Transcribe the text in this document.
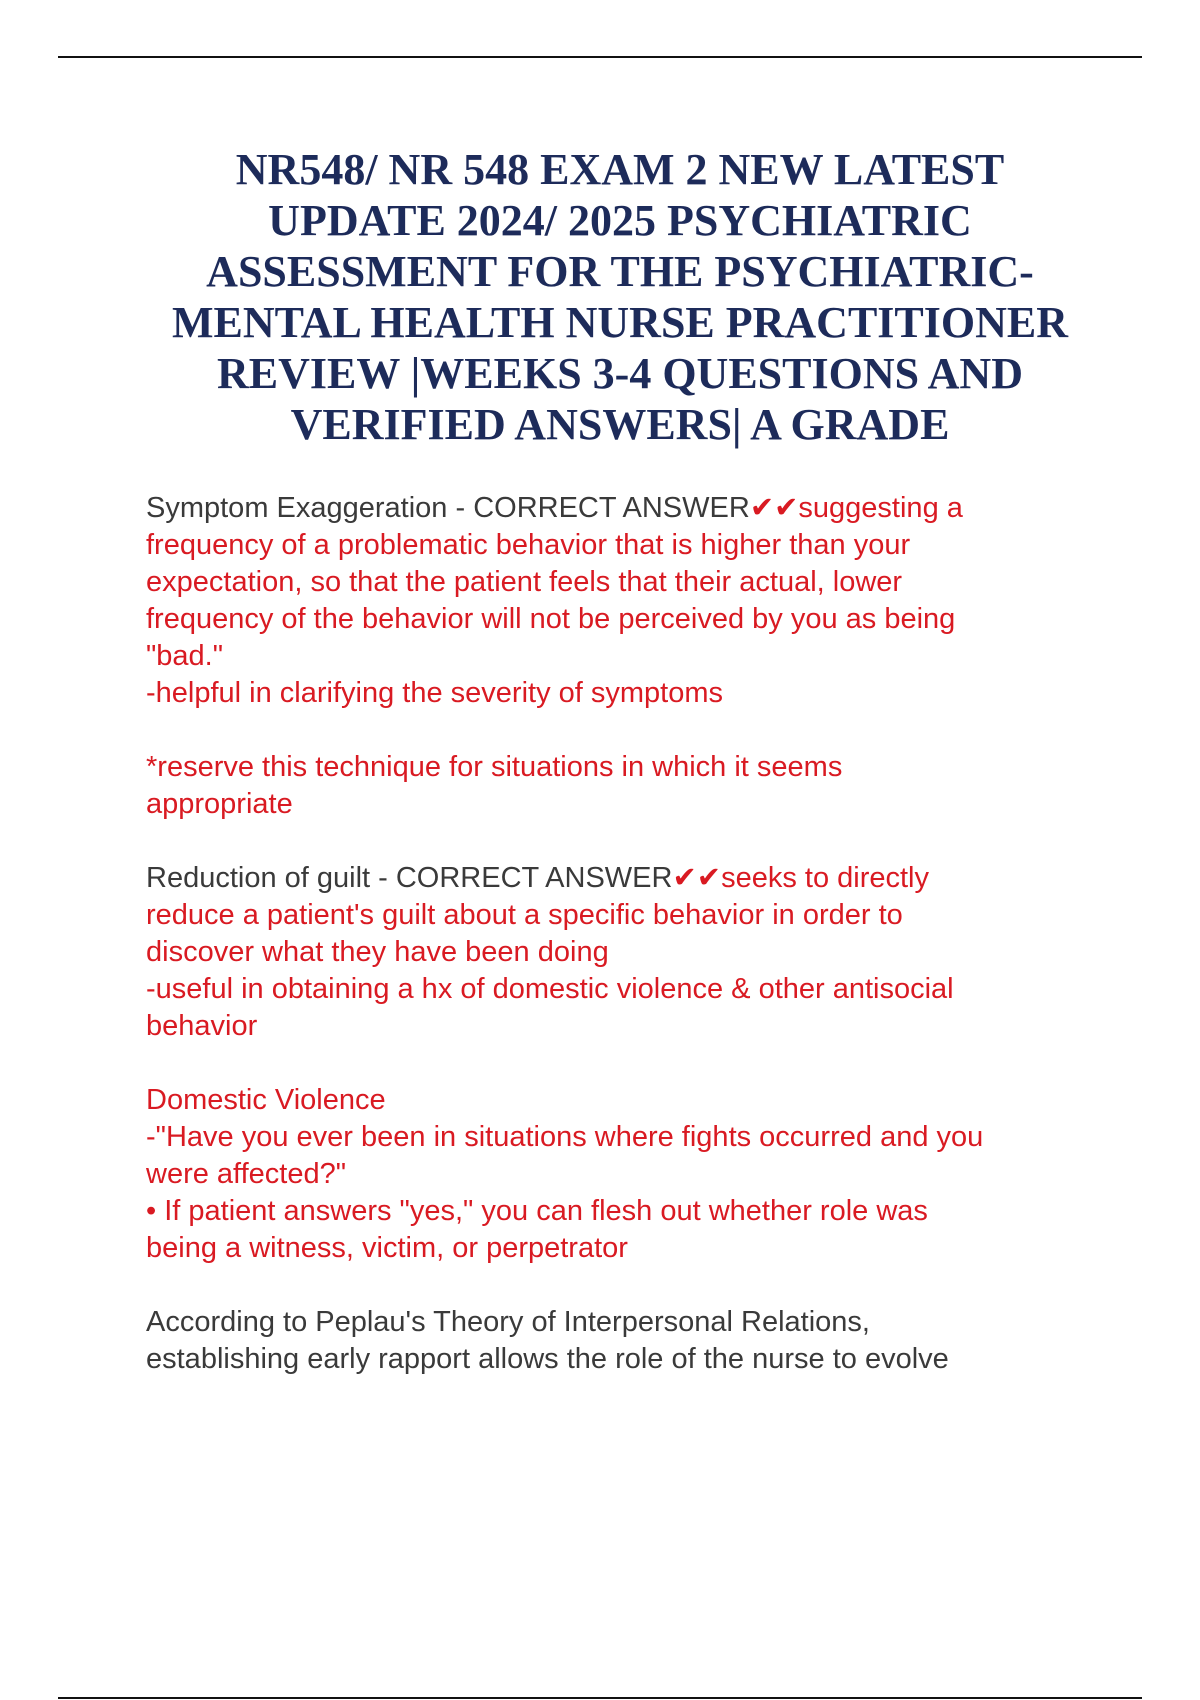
NR548/ NR 548 EXAM 2 NEW LATEST
UPDATE 2024/ 2025 PSYCHIATRIC
ASSESSMENT FOR THE PSYCHIATRIC-
MENTAL HEALTH NURSE PRACTITIONER
REVIEW |WEEKS 3-4 QUESTIONS AND
VERIFIED ANSWERS| A GRADE

Symptom Exaggeration - CORRECT ANSWER✔✔suggesting a
frequency of a problematic behavior that is higher than your
expectation, so that the patient feels that their actual, lower
frequency of the behavior will not be perceived by you as being
"bad."
-helpful in clarifying the severity of symptoms
*reserve this technique for situations in which it seems
appropriate

Reduction of guilt - CORRECT ANSWER✔✔seeks to directly
reduce a patient's guilt about a specific behavior in order to
discover what they have been doing
-useful in obtaining a hx of domestic violence & other antisocial
behavior

Domestic Violence
-"Have you ever been in situations where fights occurred and you
were affected?"
• If patient answers "yes," you can flesh out whether role was
being a witness, victim, or perpetrator

According to Peplau's Theory of Interpersonal Relations,
establishing early rapport allows the role of the nurse to evolve
